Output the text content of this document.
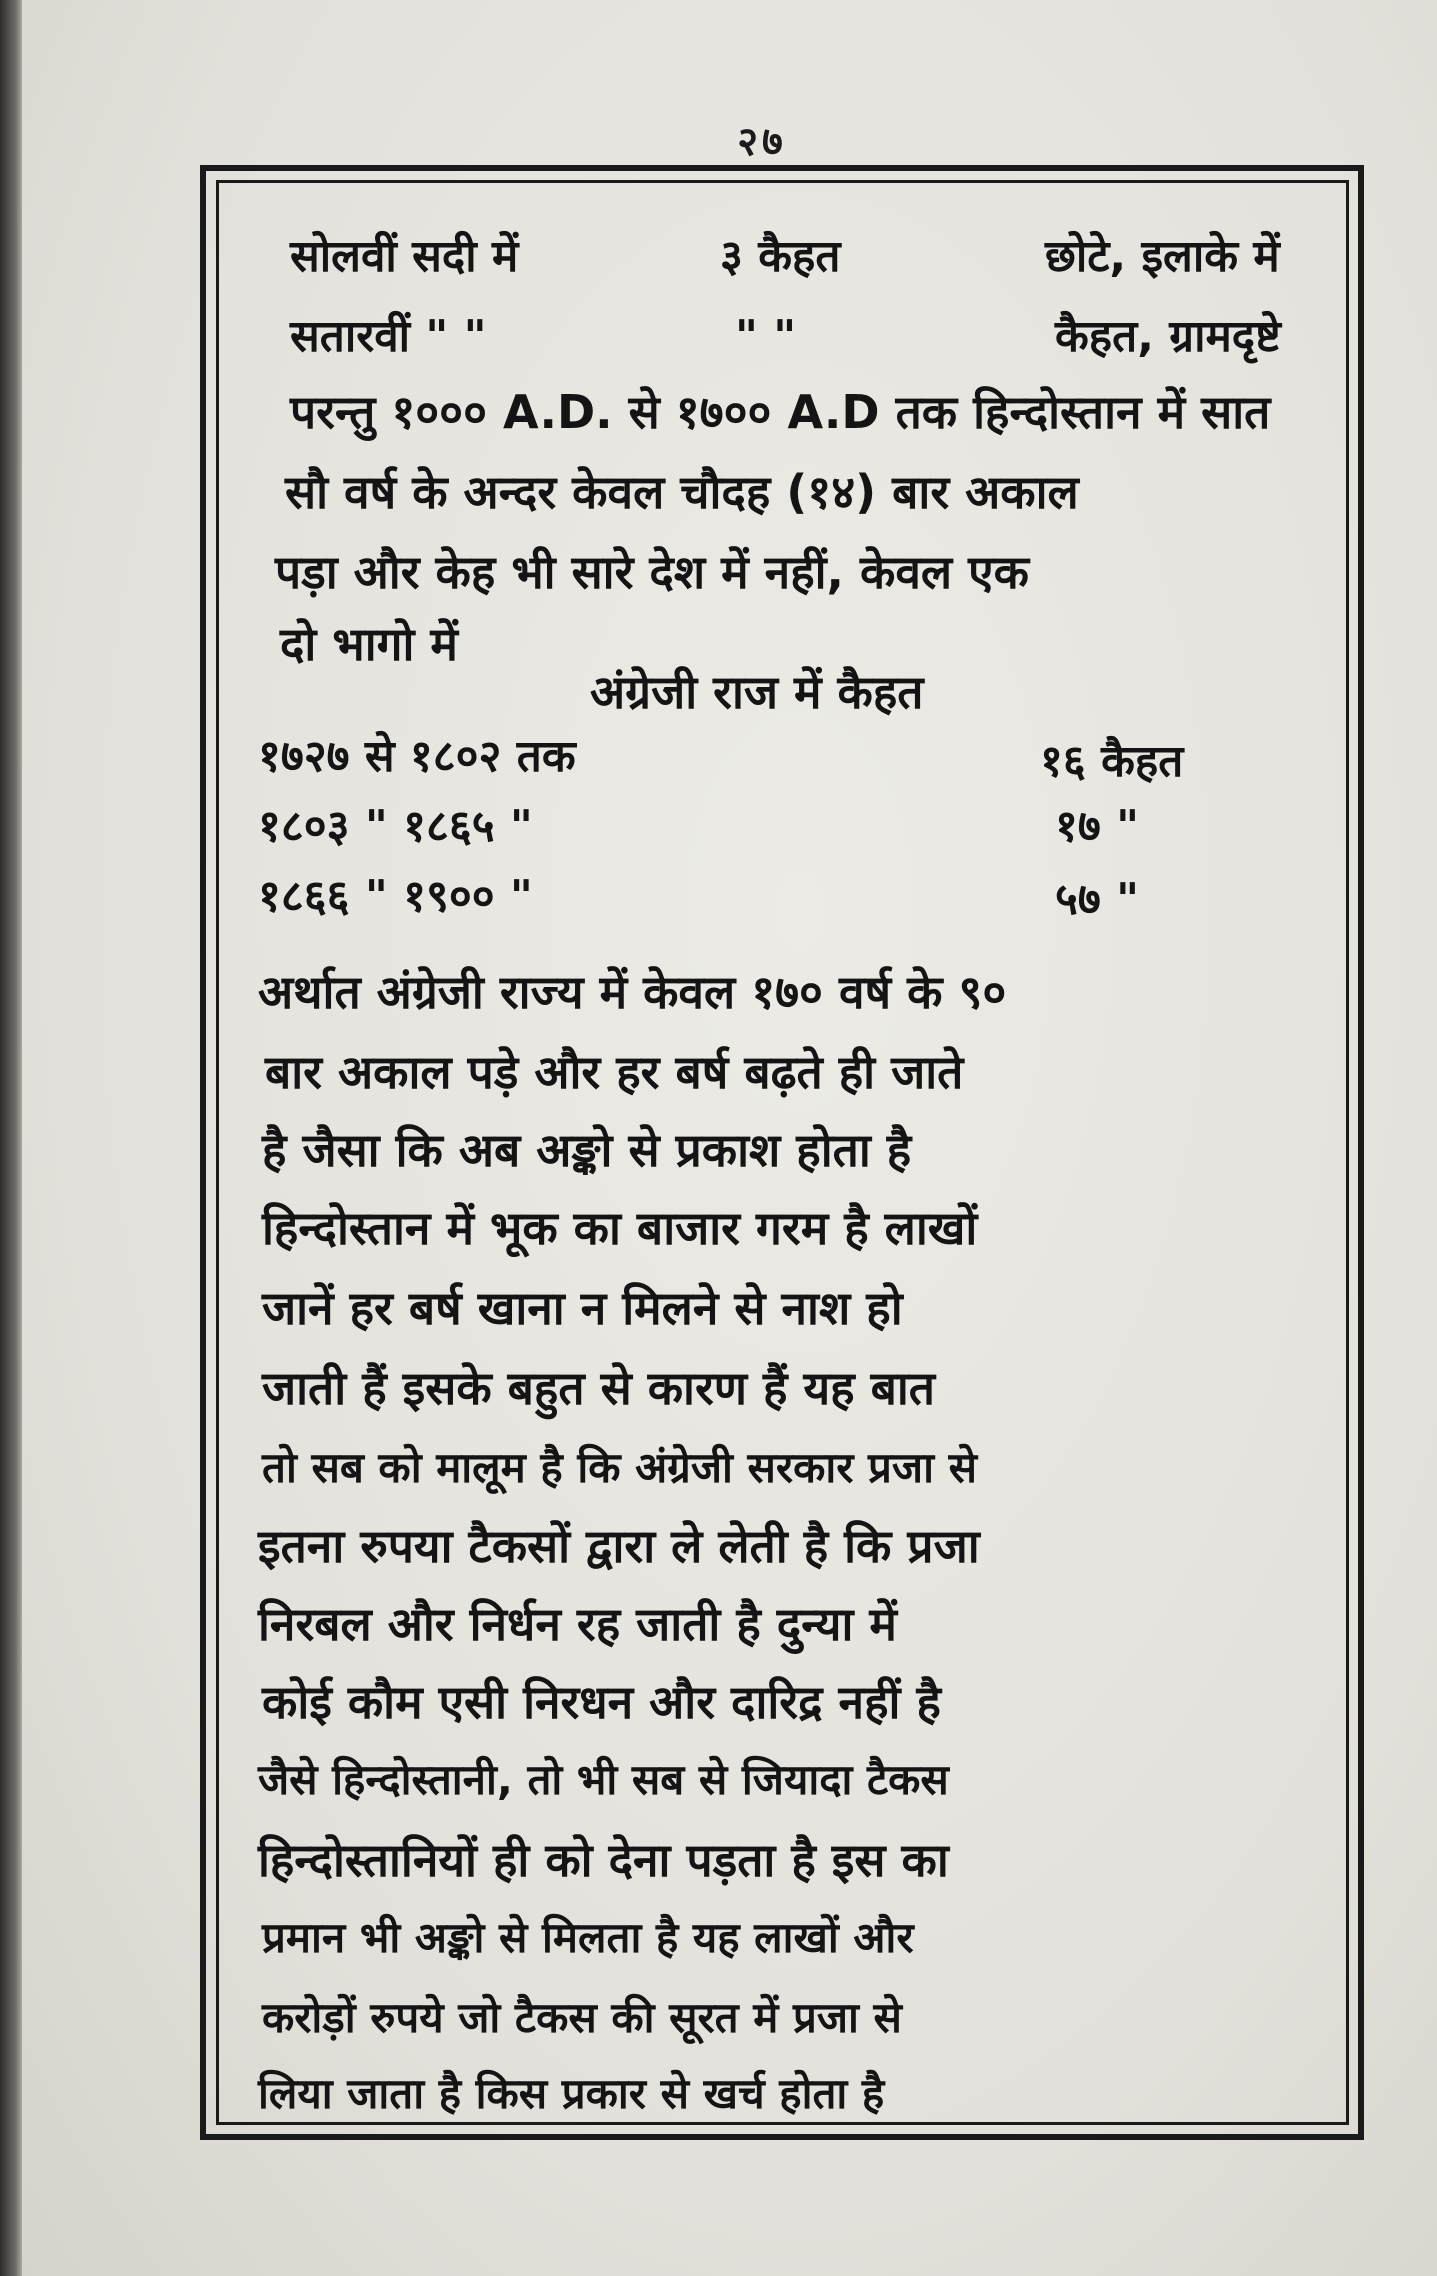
२७
सोलवीं सदी में	३ कैहत	छोटे, इलाके में
सतारवीं " "	" "	कैहत, ग्रामदृष्टे
परन्तु १००० A.D. से १७०० A.D तक हिन्दोस्तान में सात
सौ वर्ष के अन्दर केवल चौदह (१४) बार अकाल
पड़ा और केह भी सारे देश में नहीं, केवल एक
दो भागो में
अंग्रेजी राज में कैहत
१७२७ से १८०२ तक	१६ कैहत
१८०३ " १८६५ "	१७ "
१८६६ " १९०० "	५७ "
अर्थात अंग्रेजी राज्य में केवल १७० वर्ष के ९०
बार अकाल पड़े और हर बर्ष बढ़ते ही जाते
है जैसा कि अब अङ्को से प्रकाश होता है
हिन्दोस्तान में भूक का बाजार गरम है लाखों
जानें हर बर्ष खाना न मिलने से नाश हो
जाती हैं इसके बहुत से कारण हैं यह बात
तो सब को मालूम है कि अंग्रेजी सरकार प्रजा से
इतना रुपया टैकसों द्वारा ले लेती है कि प्रजा
निरबल और निर्धन रह जाती है दुन्या में
कोई कौम एसी निरधन और दारिद्र नहीं है
जैसे हिन्दोस्तानी, तो भी सब से जियादा टैकस
हिन्दोस्तानियों ही को देना पड़ता है इस का
प्रमान भी अङ्को से मिलता है यह लाखों और
करोड़ों रुपये जो टैकस की सूरत में प्रजा से
लिया जाता है किस प्रकार से खर्च होता है
